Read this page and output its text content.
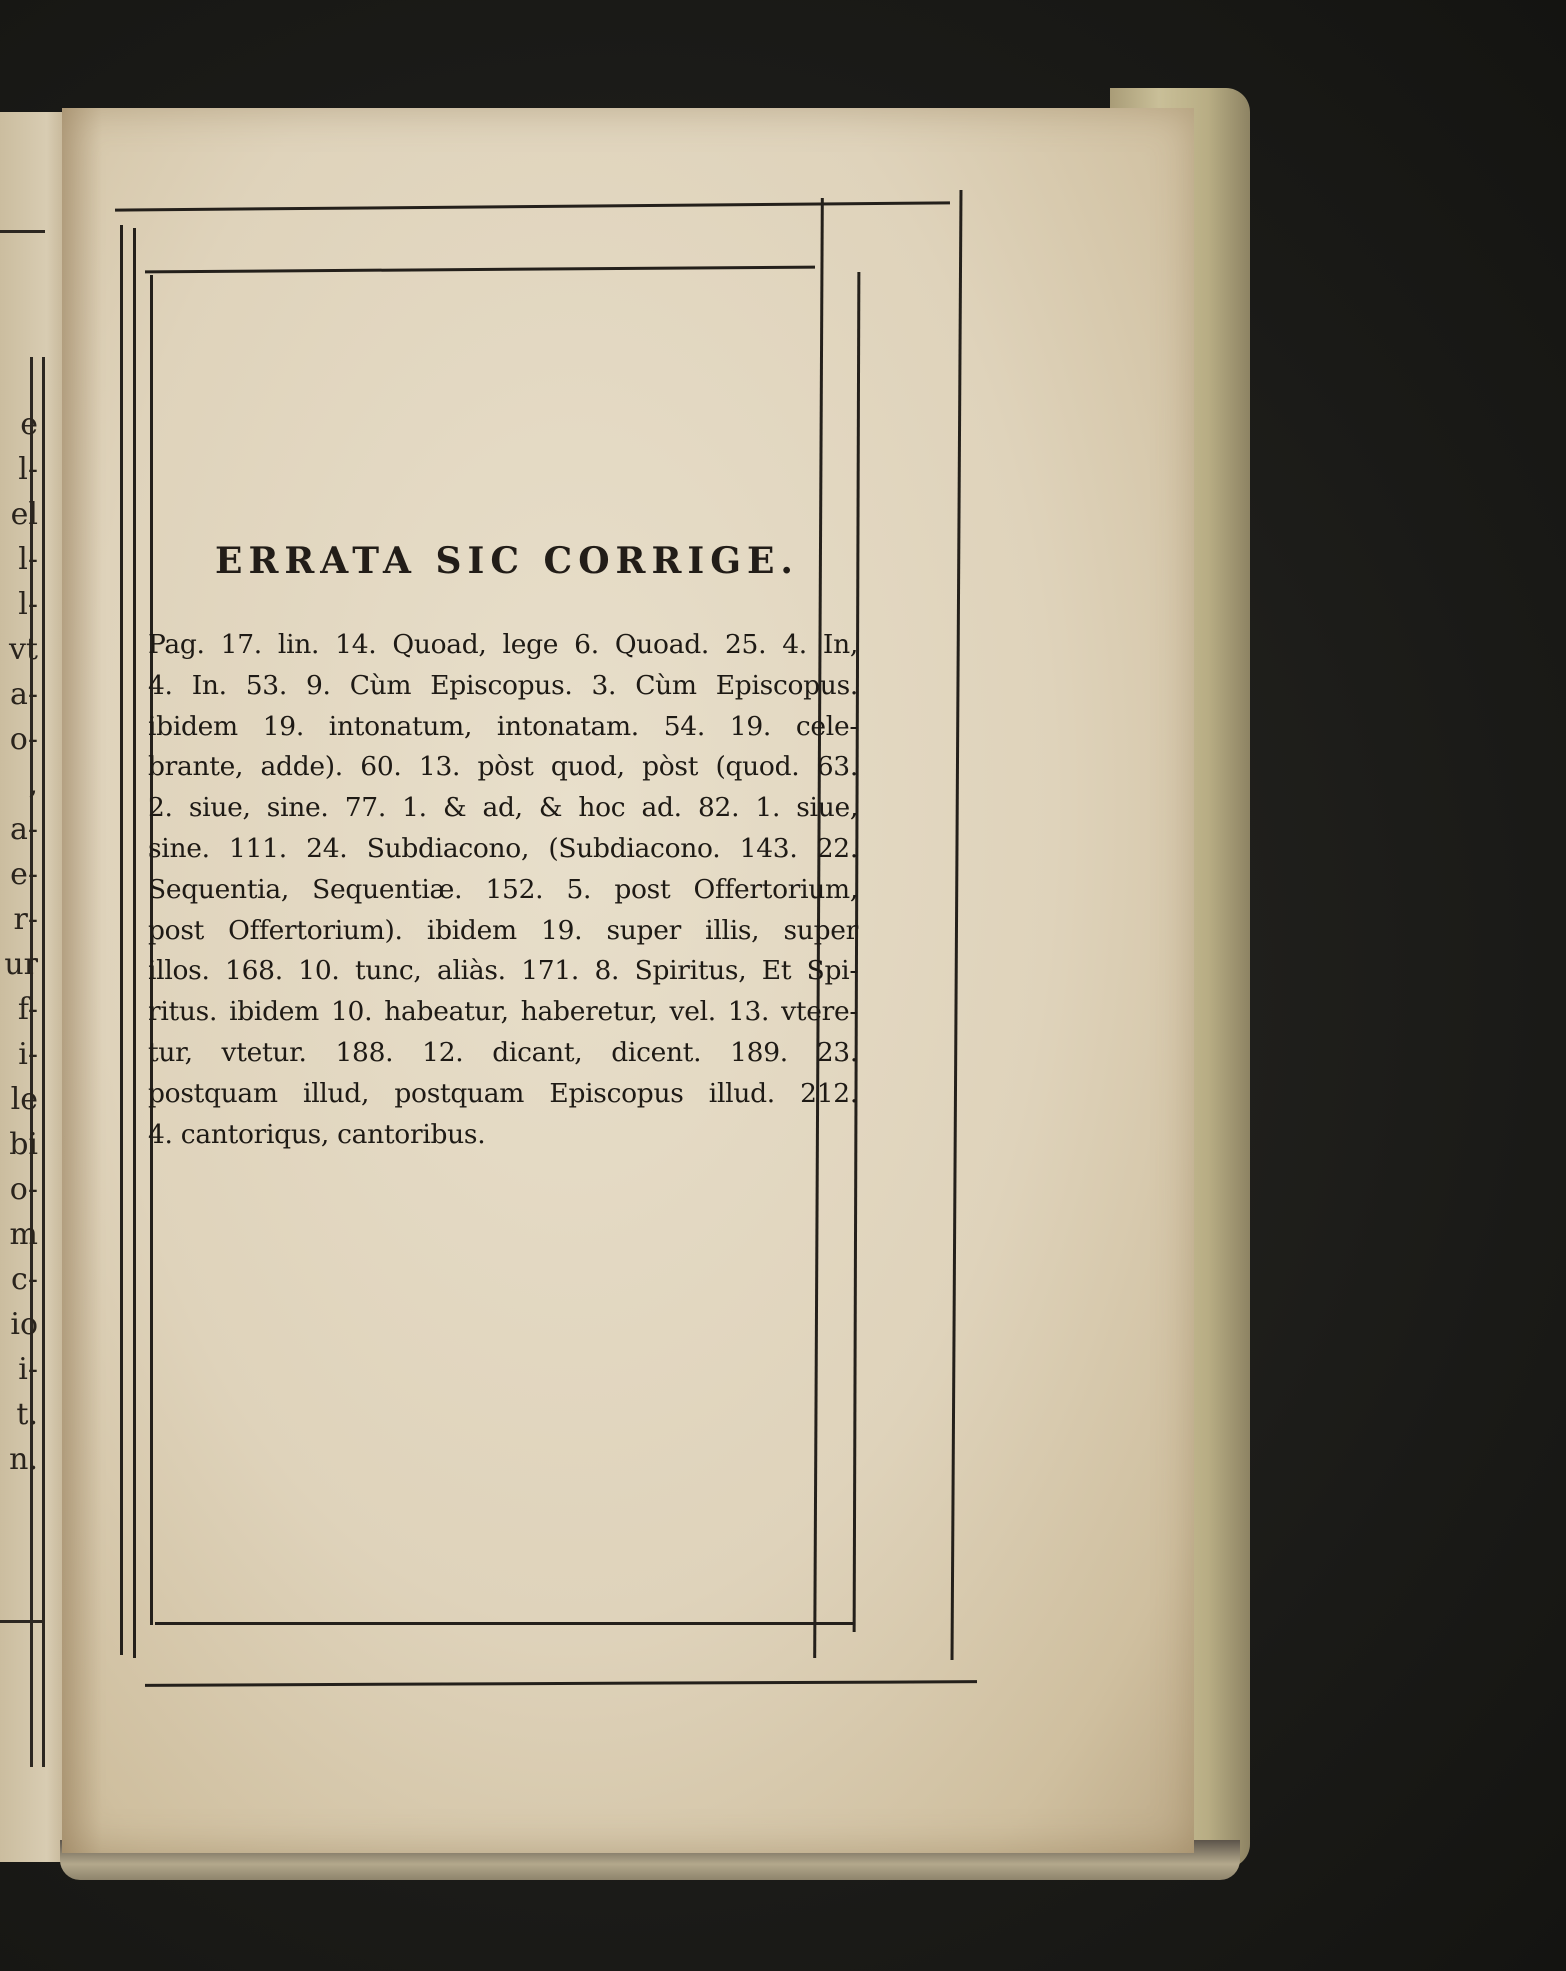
e
l-
el
l-
l-
vt
a-
o-
,
a-
e-
r-
ur
f-
i-
le
bi
o-
m
c-
io
i-
t.
n.
ERRATA SIC CORRIGE.
Pag. 17. lin. 14. Quoad, lege 6. Quoad. 25. 4. In,
4. In. 53. 9. Cùm Episcopus. 3. Cùm Episcopus.
ibidem 19. intonatum, intonatam. 54. 19. cele-
brante, adde). 60. 13. pòst quod, pòst (quod. 63.
2. siue, sine. 77. 1. & ad, & hoc ad. 82. 1. siue,
sine. 111. 24. Subdiacono, (Subdiacono. 143. 22.
Sequentia, Sequentiæ. 152. 5. post Offertorium,
post Offertorium). ibidem 19. super illis, super
illos. 168. 10. tunc, aliàs. 171. 8. Spiritus, Et Spi-
ritus. ibidem 10. habeatur, haberetur, vel. 13. vtere-
tur, vtetur. 188. 12. dicant, dicent. 189. 23.
postquam illud, postquam Episcopus illud. 212.
4. cantoriqus, cantoribus.
